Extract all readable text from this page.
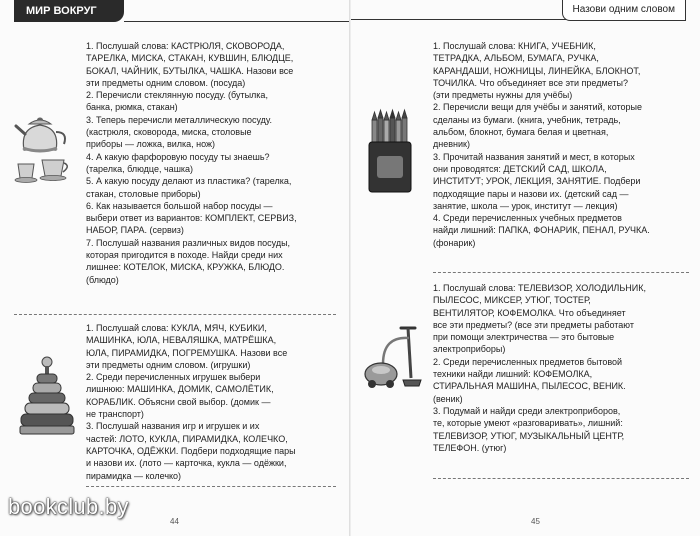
МИР ВОКРУГ

1. Послушай слова: КАСТРЮЛЯ, СКОВОРОДА,

ТАРЕЛКА, МИСКА, СТАКАН, КУВШИН, БЛЮДЦЕ,

БОКАЛ, ЧАЙНИК, БУТЫЛКА, ЧАШКА. Назови все

эти предметы одним словом. (посуда)

2. Перечисли стеклянную посуду. (бутылка,

банка, рюмка, стакан)

3. Теперь перечисли металлическую посуду.

(кастрюля, сковорода, миска, столовые

приборы — ложка, вилка, нож)

4. А какую фарфоровую посуду ты знаешь?

(тарелка, блюдце, чашка)

5. А какую посуду делают из пластика? (тарелка,

стакан, столовые приборы)

6. Как называется большой набор посуды —

выбери ответ из вариантов: КОМПЛЕКТ, СЕРВИЗ,

НАБОР, ПАРА. (сервиз)

7. Послушай названия различных видов посуды,

которая пригодится в походе. Найди среди них

лишнее: КОТЕЛОК, МИСКА, КРУЖКА, БЛЮДО.

(блюдо)

1. Послушай слова: КУКЛА, МЯЧ, КУБИКИ,

МАШИНКА, ЮЛА, НЕВАЛЯШКА, МАТРЁШКА,

ЮЛА, ПИРАМИДКА, ПОГРЕМУШКА. Назови все

эти предметы одним словом. (игрушки)

2. Среди перечисленных игрушек выбери

лишнюю: МАШИНКА, ДОМИК, САМОЛЁТИК,

КОРАБЛИК. Объясни свой выбор. (домик —

не транспорт)

3. Послушай названия игр и игрушек и их

частей: ЛОТО, КУКЛА, ПИРАМИДКА, КОЛЕЧКО,

КАРТОЧКА, ОДЁЖКИ. Подбери подходящие пары

и назови их. (лото — карточка, кукла — одёжки,

пирамидка — колечко)

44
Назови одним словом

1. Послушай слова: КНИГА, УЧЕБНИК,

ТЕТРАДКА, АЛЬБОМ, БУМАГА, РУЧКА,

КАРАНДАШИ, НОЖНИЦЫ, ЛИНЕЙКА, БЛОКНОТ,

ТОЧИЛКА. Что объединяет все эти предметы?

(эти предметы нужны для учёбы)

2. Перечисли вещи для учёбы и занятий, которые

сделаны из бумаги. (книга, учебник, тетрадь,

альбом, блокнот, бумага белая и цветная,

дневник)

3. Прочитай названия занятий и мест, в которых

они проводятся: ДЕТСКИЙ САД, ШКОЛА,

ИНСТИТУТ; УРОК, ЛЕКЦИЯ, ЗАНЯТИЕ. Подбери

подходящие пары и назови их. (детский сад —

занятие, школа — урок, институт — лекция)

4. Среди перечисленных учебных предметов

найди лишний: ПАПКА, ФОНАРИК, ПЕНАЛ, РУЧКА.

(фонарик)

1. Послушай слова: ТЕЛЕВИЗОР, ХОЛОДИЛЬНИК,

ПЫЛЕСОС, МИКСЕР, УТЮГ, ТОСТЕР,

ВЕНТИЛЯТОР, КОФЕМОЛКА. Что объединяет

все эти предметы? (все эти предметы работают

при помощи электричества — это бытовые

электроприборы)

2. Среди перечисленных предметов бытовой

техники найди лишний: КОФЕМОЛКА,

СТИРАЛЬНАЯ МАШИНА, ПЫЛЕСОС, ВЕНИК.

(веник)

3. Подумай и найди среди электроприборов,

те, которые умеют «разговаривать», лишний:

ТЕЛЕВИЗОР, УТЮГ, МУЗЫКАЛЬНЫЙ ЦЕНТР,

ТЕЛЕФОН. (утюг)

45
bookclub.by
